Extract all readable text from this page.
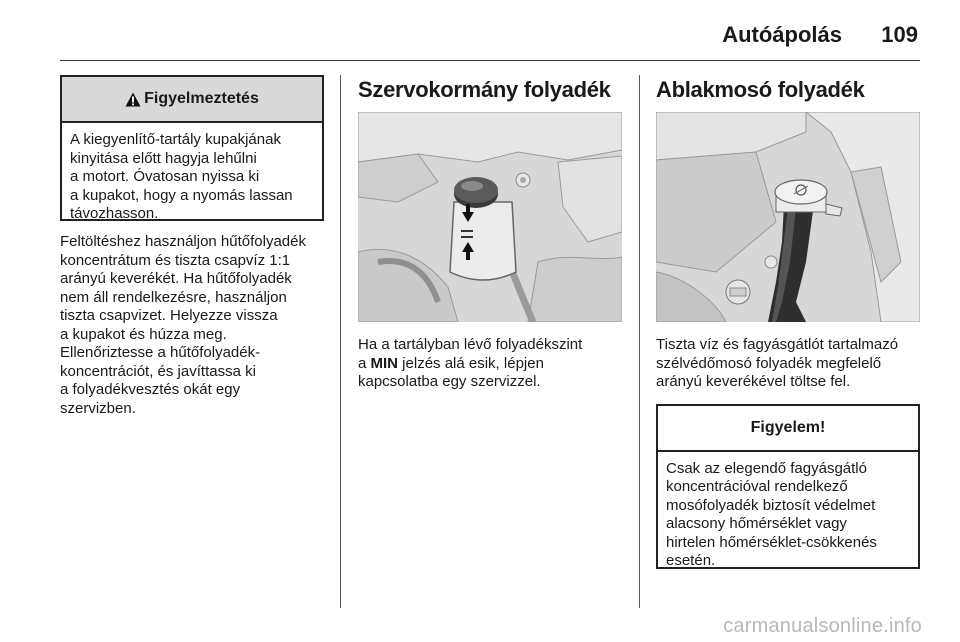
Autóápolás 109
Figyelmeztetés
A kiegyenlítő-tartály kupakjának
kinyitása előtt hagyja lehűlni
a motort. Óvatosan nyissa ki
a kupakot, hogy a nyomás lassan
távozhasson.
Feltöltéshez használjon hűtőfolyadék
koncentrátum és tiszta csapvíz 1:1
arányú keverékét. Ha hűtőfolyadék
nem áll rendelkezésre, használjon
tiszta csapvizet. Helyezze vissza
a kupakot és húzza meg.
Ellenőriztesse a hűtőfolyadék-
koncentrációt, és javíttassa ki
a folyadékvesztés okát egy
szervizben.
Szervokormány folyadék
Ha a tartályban lévő folyadékszint
a MIN jelzés alá esik, lépjen
kapcsolatba egy szervizzel.
Ablakmosó folyadék
Tiszta víz és fagyásgátlót tartalmazó
szélvédőmosó folyadék megfelelő
arányú keverékével töltse fel.
Figyelem!
Csak az elegendő fagyásgátló
koncentrációval rendelkező
mosófolyadék biztosít védelmet
alacsony hőmérséklet vagy
hirtelen hőmérséklet-csökkenés
esetén.
carmanualsonline.info
